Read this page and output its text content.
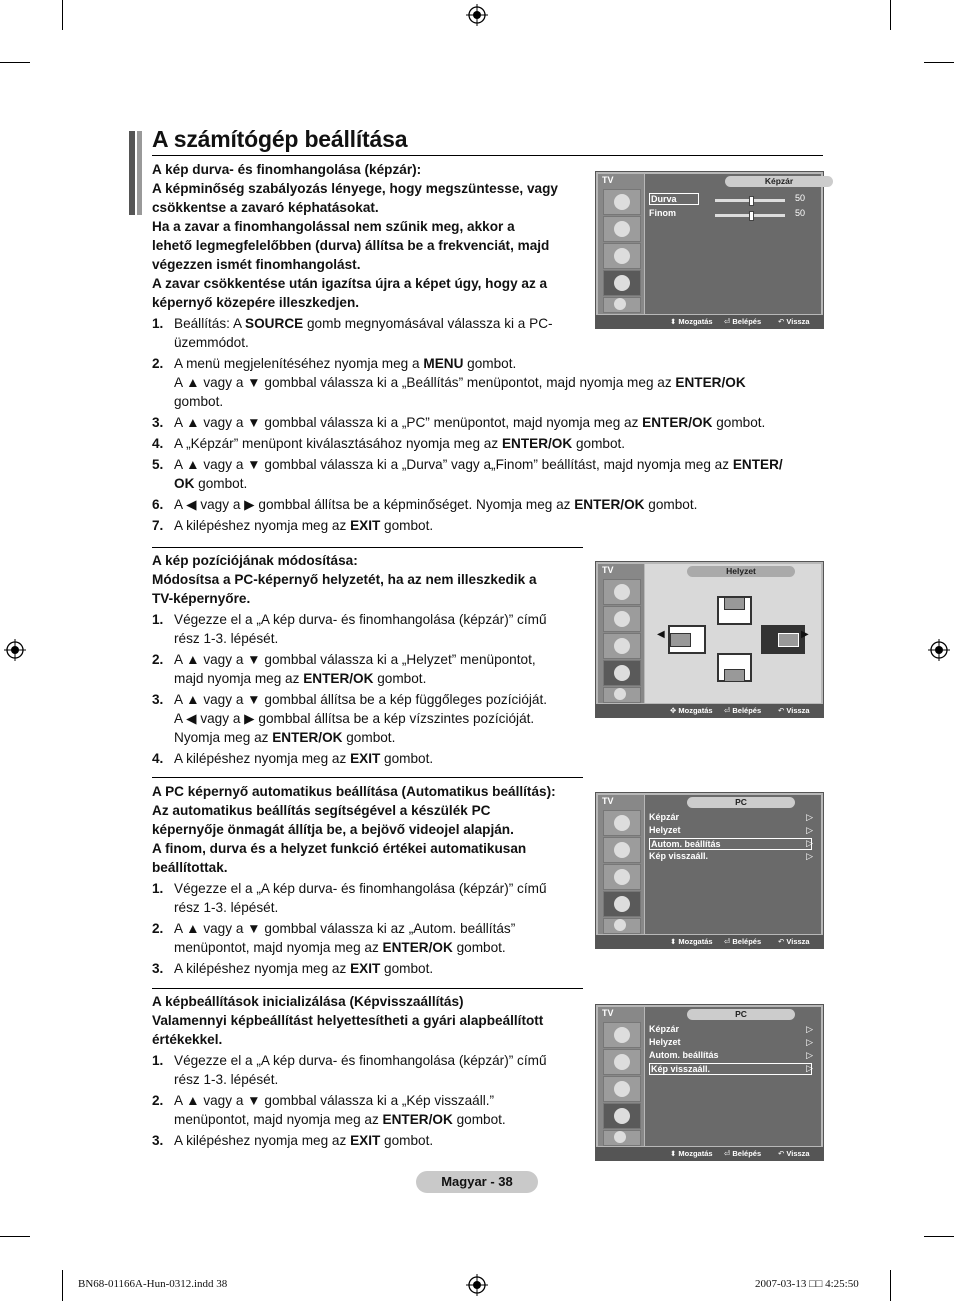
A számítógép beállítása
A kép durva- és finomhangolása (képzár):
A képminőség szabályozás lényege, hogy megszüntesse, vagy
csökkentse a zavaró képhatásokat.
Ha a zavar a finomhangolással nem szűnik meg, akkor a
lehető legmegfelelőbben (durva) állítsa be a frekvenciát, majd
végezzen ismét finomhangolást.
A zavar csökkentése után igazítsa újra a képet úgy, hogy az a
képernyő közepére illeszkedjen.
1. Beállítás: A SOURCE gomb megnyomásával válassza ki a PC-
üzemmódot.
2. A menü megjelenítéséhez nyomja meg a MENU gombot.
A ▲ vagy a ▼ gombbal válassza ki a „Beállítás” menüpontot, majd nyomja meg az ENTER/OK
gombot.
3. A ▲ vagy a ▼ gombbal válassza ki a „PC” menüpontot, majd nyomja meg az ENTER/OK gombot.
4. A „Képzár” menüpont kiválasztásához nyomja meg az ENTER/OK gombot.
5. A ▲ vagy a ▼ gombbal válassza ki a „Durva” vagy a„Finom” beállítást, majd nyomja meg az ENTER/
OK gombot.
6. A ◀ vagy a ▶ gombbal állítsa be a képminőséget. Nyomja meg az ENTER/OK gombot.
7. A kilépéshez nyomja meg az EXIT gombot.
A kép pozíciójának módosítása:
Módosítsa a PC-képernyő helyzetét, ha az nem illeszkedik a
TV-képernyőre.
1. Végezze el a „A kép durva- és finomhangolása (képzár)” című
rész 1-3. lépését.
2. A ▲ vagy a ▼ gombbal válassza ki a „Helyzet” menüpontot,
majd nyomja meg az ENTER/OK gombot.
3. A ▲ vagy a ▼ gombbal állítsa be a kép függőleges pozícióját.
A ◀ vagy a ▶ gombbal állítsa be a kép vízszintes pozícióját.
Nyomja meg az ENTER/OK gombot.
4. A kilépéshez nyomja meg az EXIT gombot.
A PC képernyő automatikus beállítása (Automatikus beállítás):
Az automatikus beállítás segítségével a készülék PC
képernyője önmagát állítja be, a bejövő videojel alapján.
A finom, durva és a helyzet funkció értékei automatikusan
beállítottak.
1. Végezze el a „A kép durva- és finomhangolása (képzár)” című
rész 1-3. lépését.
2. A ▲ vagy a ▼ gombbal válassza ki az „Autom. beállítás”
menüpontot, majd nyomja meg az ENTER/OK gombot.
3. A kilépéshez nyomja meg az EXIT gombot.
A képbeállítások inicializálása (Képvisszaállítás)
Valamennyi képbeállítást helyettesítheti a gyári alapbeállított
értékekkel.
1. Végezze el a „A kép durva- és finomhangolása (képzár)” című
rész 1-3. lépését.
2. A ▲ vagy a ▼ gombbal válassza ki a „Kép visszaáll.”
menüpontot, majd nyomja meg az ENTER/OK gombot.
3. A kilépéshez nyomja meg az EXIT gombot.
TV	Képzár
Durva	50
Finom	50
⬍ Mozgatás ⏎ Belépés ↶ Vissza
TV	Helyzet
◀	▶
✥ Mozgatás ⏎ Belépés ↶ Vissza
TV	PC
Képzár	▷
Helyzet	▷
Autom. beállítás	▷
Kép visszaáll.	▷
⬍ Mozgatás ⏎ Belépés ↶ Vissza
TV	PC
Képzár	▷
Helyzet	▷
Autom. beállítás	▷
Kép visszaáll.	▷
⬍ Mozgatás ⏎ Belépés ↶ Vissza
Magyar - 38
BN68-01166A-Hun-0312.indd 38	2007-03-13 □□ 4:25:50
